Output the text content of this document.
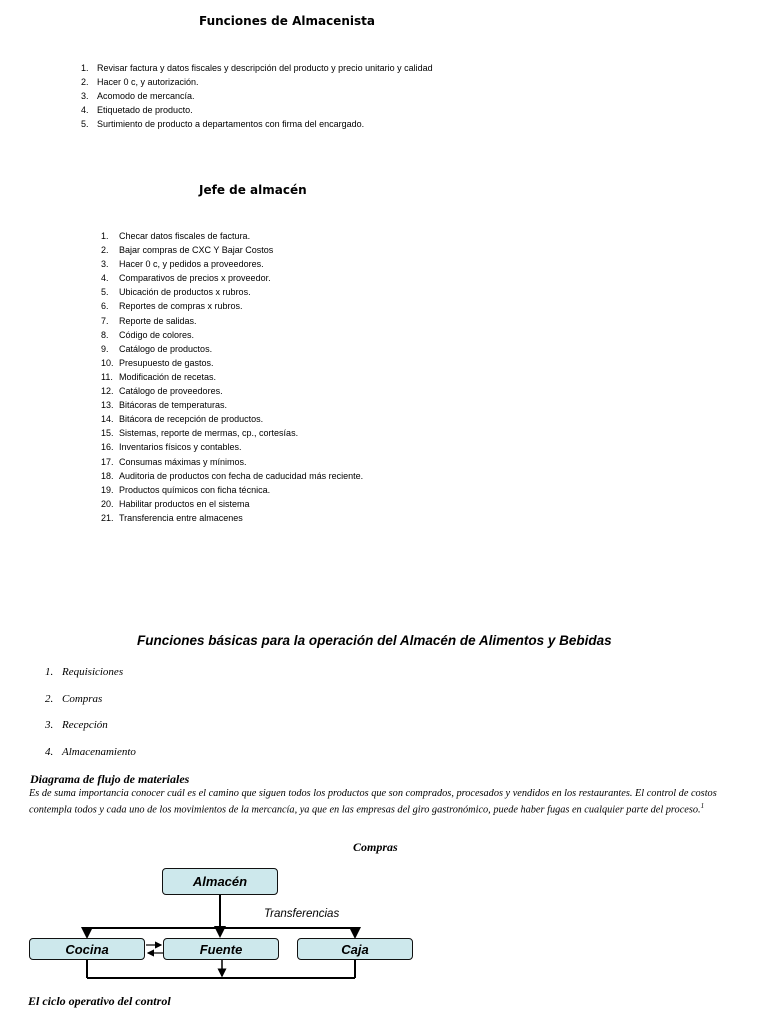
Funciones de Almacenista
1. Revisar factura y datos fiscales y descripción del producto y precio unitario y calidad
2. Hacer 0 c, y autorización.
3. Acomodo de mercancía.
4. Etiquetado de producto.
5. Surtimiento de producto a departamentos con firma del encargado.
Jefe de almacén
1. Checar datos fiscales de factura.
2. Bajar compras de CXC Y Bajar Costos
3. Hacer 0 c, y pedidos a proveedores.
4. Comparativos de precios x proveedor.
5. Ubicación de productos x rubros.
6. Reportes de compras x rubros.
7. Reporte de salidas.
8. Código de colores.
9. Catálogo de productos.
10. Presupuesto de gastos.
11. Modificación de recetas.
12. Catálogo de proveedores.
13. Bitácoras de temperaturas.
14. Bitácora de recepción de productos.
15. Sistemas, reporte de mermas, cp., cortesías.
16. Inventarios físicos y contables.
17. Consumas máximas y mínimos.
18. Auditoria de productos con fecha de caducidad más reciente.
19. Productos químicos con ficha técnica.
20. Habilitar productos en el sistema
21. Transferencia entre almacenes
Funciones básicas para la operación del Almacén de Alimentos y Bebidas
1. Requisiciones
2. Compras
3. Recepción
4. Almacenamiento
Diagrama de flujo de materiales

Es de suma importancia conocer cuál es el camino que siguen todos los productos que son comprados, procesados y vendidos en los restaurantes. El control de costos contempla todos y cada uno de los movimientos de la mercancía, ya que en las empresas del giro gastronómico, puede haber fugas en cualquier parte del proceso.$^1$

Compras
Almacén
Transferencias
Cocina	Fuente	Caja
El ciclo operativo del control
